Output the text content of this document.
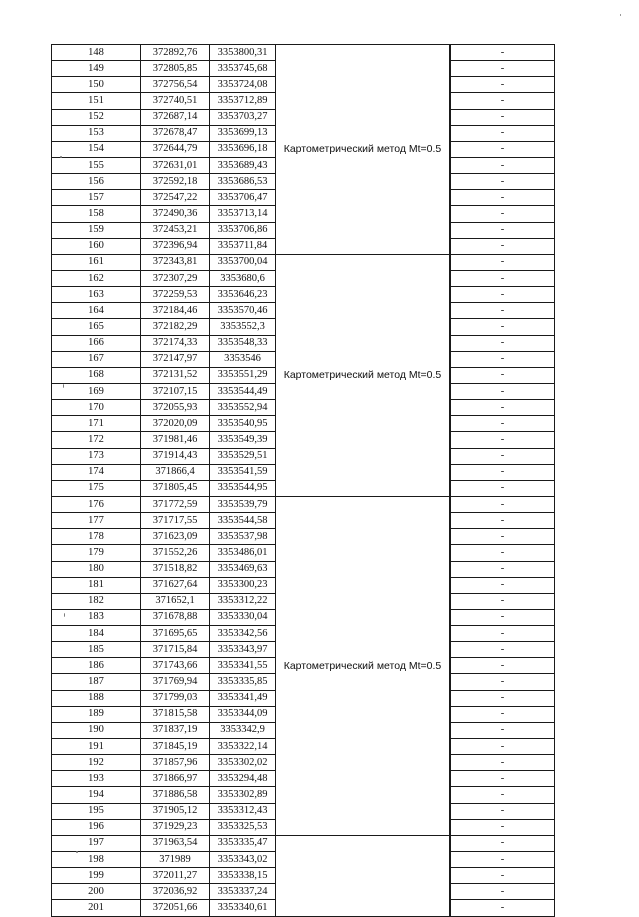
148	372892,76	3353800,31	Картометрический метод Mt=0.5		-
149	372805,85	3353745,68		-
150	372756,54	3353724,08		-
151	372740,51	3353712,89		-
152	372687,14	3353703,27		-
153	372678,47	3353699,13		-
154	372644,79	3353696,18		-
155	372631,01	3353689,43		-
156	372592,18	3353686,53		-
157	372547,22	3353706,47		-
158	372490,36	3353713,14		-
159	372453,21	3353706,86		-
160	372396,94	3353711,84		-
161	372343,81	3353700,04	Картометрический метод Mt=0.5		-
162	372307,29	3353680,6		-
163	372259,53	3353646,23		-
164	372184,46	3353570,46		-
165	372182,29	3353552,3		-
166	372174,33	3353548,33		-
167	372147,97	3353546		-
168	372131,52	3353551,29		-
169	372107,15	3353544,49		-
170	372055,93	3353552,94		-
171	372020,09	3353540,95		-
172	371981,46	3353549,39		-
173	371914,43	3353529,51		-
174	371866,4	3353541,59		-
175	371805,45	3353544,95		-
176	371772,59	3353539,79	Картометрический метод Mt=0.5		-
177	371717,55	3353544,58		-
178	371623,09	3353537,98		-
179	371552,26	3353486,01		-
180	371518,82	3353469,63		-
181	371627,64	3353300,23		-
182	371652,1	3353312,22		-
183	371678,88	3353330,04		-
184	371695,65	3353342,56		-
185	371715,84	3353343,97		-
186	371743,66	3353341,55		-
187	371769,94	3353335,85		-
188	371799,03	3353341,49		-
189	371815,58	3353344,09		-
190	371837,19	3353342,9		-
191	371845,19	3353322,14		-
192	371857,96	3353302,02		-
193	371866,97	3353294,48		-
194	371886,58	3353302,89		-
195	371905,12	3353312,43		-
196	371929,23	3353325,53		-
197	371963,54	3353335,47			-
198	371989	3353343,02		-
199	372011,27	3353338,15		-
200	372036,92	3353337,24		-
201	372051,66	3353340,61		-
